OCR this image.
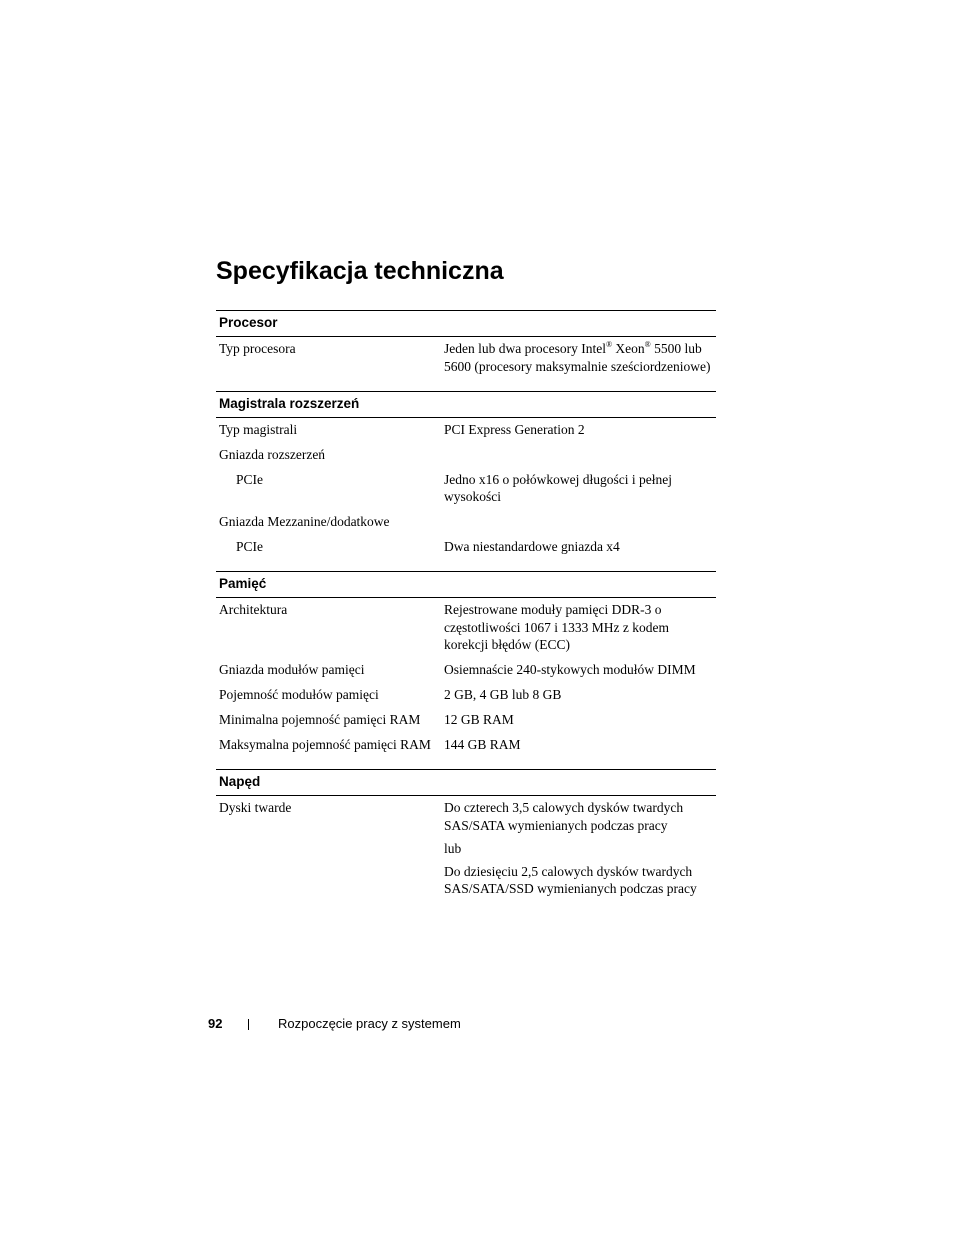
Specyfikacja techniczna
Procesor
Typ procesora	Jeden lub dwa procesory Intel® Xeon® 5500 lub 5600 (procesory maksymalnie sześciordzeniowe)
Magistrala rozszerzeń
Typ magistrali	PCI Express Generation 2
Gniazda rozszerzeń
PCIe	Jedno x16 o połówkowej długości i pełnej wysokości
Gniazda Mezzanine/dodatkowe
PCIe	Dwa niestandardowe gniazda x4
Pamięć
Architektura	Rejestrowane moduły pamięci DDR-3 o częstotliwości 1067 i 1333 MHz z kodem korekcji błędów (ECC)
Gniazda modułów pamięci	Osiemnaście 240-stykowych modułów DIMM
Pojemność modułów pamięci	2 GB, 4 GB lub 8 GB
Minimalna pojemność pamięci RAM	12 GB RAM
Maksymalna pojemność pamięci RAM 144 GB RAM
Napęd
Dyski twarde	Do czterech 3,5 calowych dysków twardych SAS/SATA wymienianych podczas pracy

lub

Do dziesięciu 2,5 calowych dysków twardych SAS/SATA/SSD wymienianych podczas pracy

92	Rozpoczęcie pracy z systemem
